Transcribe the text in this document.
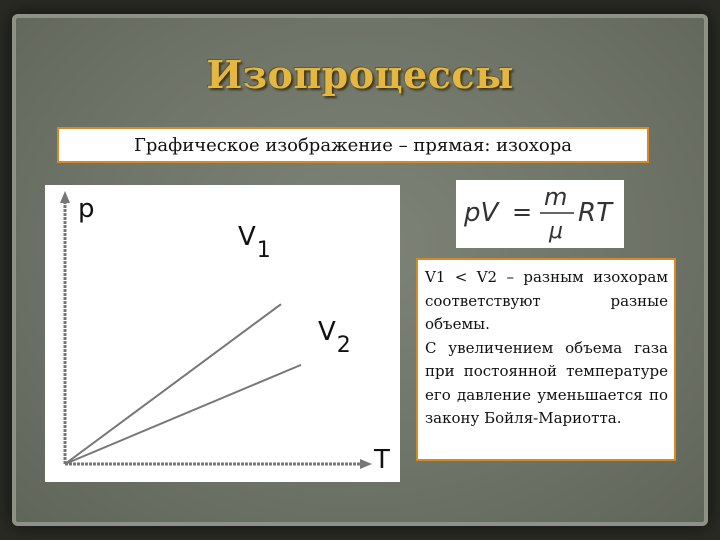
Изопроцессы
Графическое изображение – прямая: изохора
p
T
$V_1$
$V_2$
pV =
m
μ
RT

V1 < V2 – разным изохорам соответствуют разные объемы.

С увеличением объема газа при постоянной температуре его давление уменьшается по закону Бойля-Мариотта.
